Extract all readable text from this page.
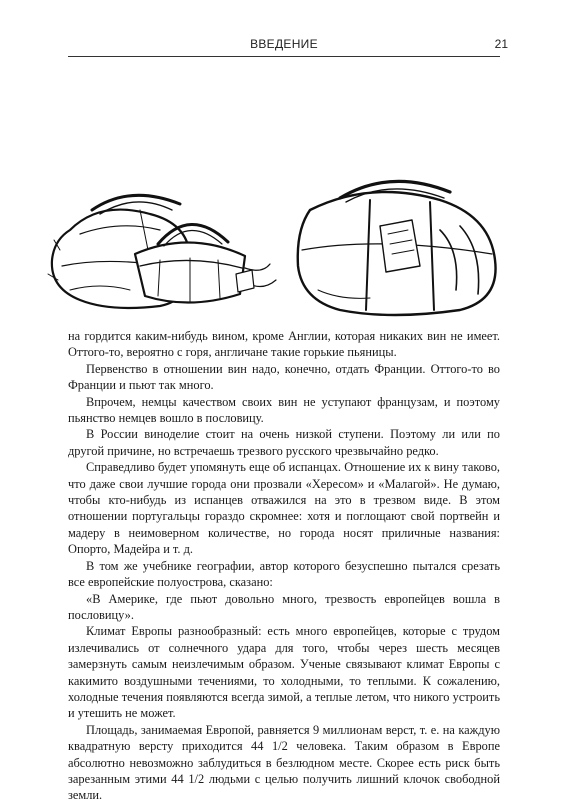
ВВЕДЕНИЕ	21

на гордится каким-нибудь вином, кроме Англии, которая никаких вин не имеет. Оттого-то, вероятно с горя, англичане такие горькие пьяницы.

Первенство в отношении вин надо, конечно, отдать Франции. Оттого-то во Франции и пьют так много.

Впрочем, немцы качеством своих вин не уступают французам, и поэтому пьянство немцев вошло в пословицу.

В России виноделие стоит на очень низкой ступени. Поэтому ли или по другой причине, но встречаешь трезвого русского чрезвычайно редко.

Справедливо будет упомянуть еще об испанцах. Отношение их к вину таково, что даже свои лучшие города они прозвали «Хересом» и «Малагой». Не думаю, чтобы кто-нибудь из испанцев отважился на это в трезвом виде. В этом отношении португальцы гораздо скромнее: хотя и поглощают свой портвейн и мадеру в неимоверном количестве, но города носят приличные названия: Опорто, Мадейра и т. д.

В том же учебнике географии, автор которого безуспешно пытался срезать все европейские полуострова, сказано:

«В Америке, где пьют довольно много, трезвость европейцев вошла в пословицу».

Климат Европы разнообразный: есть много европейцев, которые с трудом излечивались от солнечного удара для того, чтобы через шесть месяцев замерзнуть самым неизлечимым образом. Ученые связывают климат Европы с какимито воздушными течениями, то холодными, то теплыми. К сожалению, холодные течения появляются всегда зимой, а теплые летом, что никого устроить и утешить не может.

Площадь, занимаемая Европой, равняется 9 миллионам верст, т. е. на каждую квадратную версту приходится 44 1/2 человека. Таким образом в Европе абсолютно невозможно заблудиться в безлюдном месте. Скорее есть риск быть зарезанным этими 44 1/2 людьми с целью получить лишний клочок свободной земли.
